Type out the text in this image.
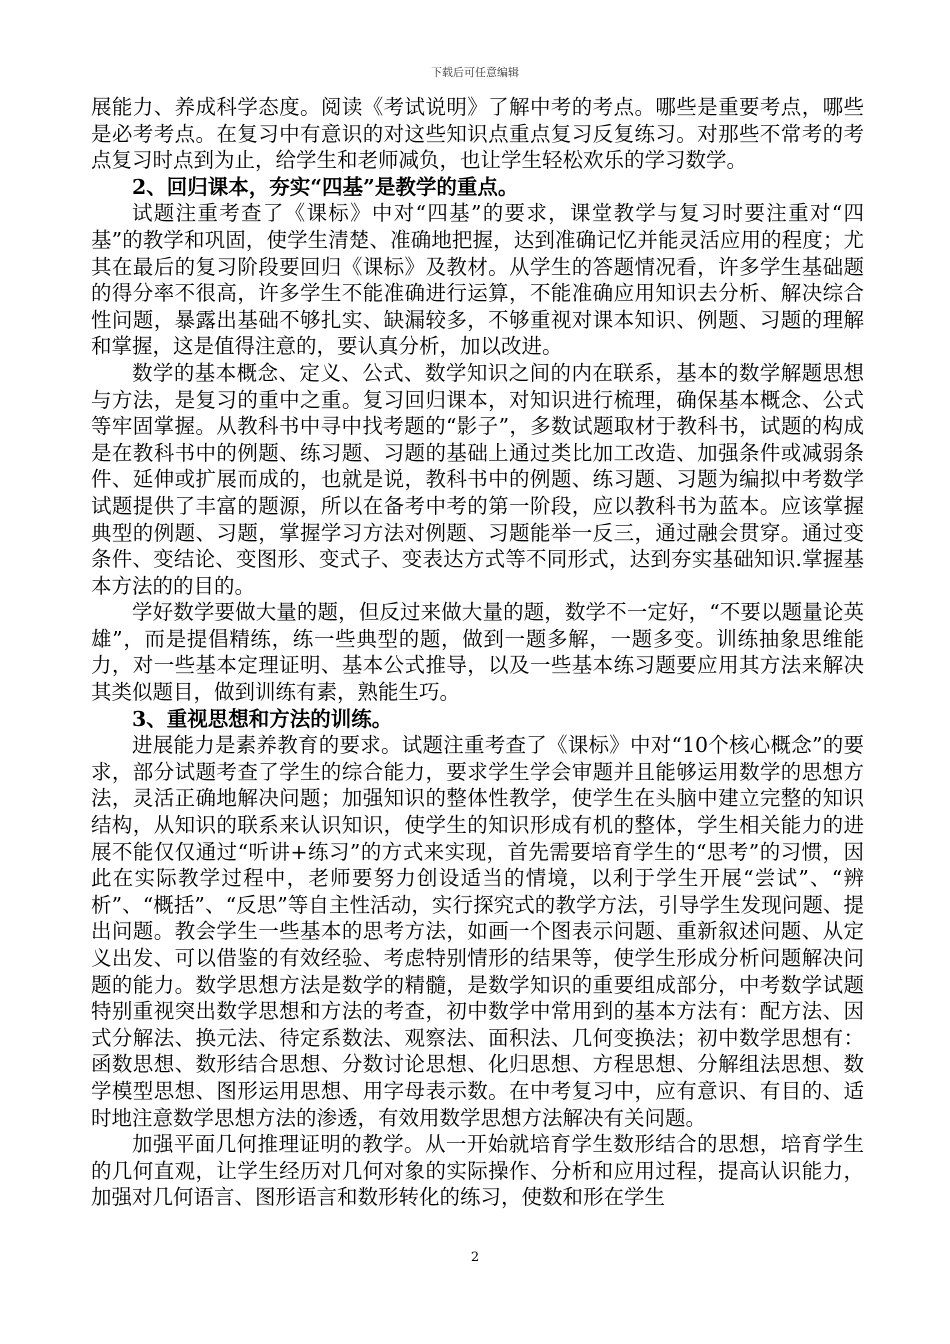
下载后可任意编辑

展能力、养成科学态度。阅读《考试说明》了解中考的考点。哪些是重要考点，哪些是必考考点。在复习中有意识的对这些知识点重点复习反复练习。对那些不常考的考点复习时点到为止，给学生和老师减负，也让学生轻松欢乐的学习数学。

2、回归课本，夯实“四基”是教学的重点。

试题注重考查了《课标》中对“四基”的要求，课堂教学与复习时要注重对“四基”的教学和巩固，使学生清楚、准确地把握，达到准确记忆并能灵活应用的程度；尤其在最后的复习阶段要回归《课标》及教材。从学生的答题情况看，许多学生基础题的得分率不很高，许多学生不能准确进行运算，不能准确应用知识去分析、解决综合性问题，暴露出基础不够扎实、缺漏较多，不够重视对课本知识、例题、习题的理解和掌握，这是值得注意的，要认真分析，加以改进。

数学的基本概念、定义、公式、数学知识之间的内在联系，基本的数学解题思想与方法，是复习的重中之重。复习回归课本，对知识进行梳理，确保基本概念、公式等牢固掌握。从教科书中寻中找考题的“影子”，多数试题取材于教科书，试题的构成是在教科书中的例题、练习题、习题的基础上通过类比加工改造、加强条件或减弱条件、延伸或扩展而成的，也就是说，教科书中的例题、练习题、习题为编拟中考数学试题提供了丰富的题源，所以在备考中考的第一阶段，应以教科书为蓝本。应该掌握典型的例题、习题，掌握学习方法对例题、习题能举一反三，通过融会贯穿。通过变条件、变结论、变图形、变式子、变表达方式等不同形式，达到夯实基础知识.掌握基本方法的的目的。

学好数学要做大量的题，但反过来做大量的题，数学不一定好，“不要以题量论英雄”，而是提倡精练，练一些典型的题，做到一题多解，一题多变。训练抽象思维能力，对一些基本定理证明、基本公式推导，以及一些基本练习题要应用其方法来解决其类似题目，做到训练有素，熟能生巧。

3、重视思想和方法的训练。

进展能力是素养教育的要求。试题注重考查了《课标》中对“10个核心概念”的要求，部分试题考查了学生的综合能力，要求学生学会审题并且能够运用数学的思想方法，灵活正确地解决问题；加强知识的整体性教学，使学生在头脑中建立完整的知识结构，从知识的联系来认识知识，使学生的知识形成有机的整体，学生相关能力的进展不能仅仅通过“听讲+练习”的方式来实现，首先需要培育学生的“思考”的习惯，因此在实际教学过程中，老师要努力创设适当的情境，以利于学生开展“尝试”、“辨析”、“概括”、“反思”等自主性活动，实行探究式的教学方法，引导学生发现问题、提出问题。教会学生一些基本的思考方法，如画一个图表示问题、重新叙述问题、从定义出发、可以借鉴的有效经验、考虑特别情形的结果等，使学生形成分析问题解决问题的能力。数学思想方法是数学的精髓，是数学知识的重要组成部分，中考数学试题特别重视突出数学思想和方法的考查，初中数学中常用到的基本方法有：配方法、因式分解法、换元法、待定系数法、观察法、面积法、几何变换法；初中数学思想有：函数思想、数形结合思想、分数讨论思想、化归思想、方程思想、分解组法思想、数学模型思想、图形运用思想、用字母表示数。在中考复习中，应有意识、有目的、适时地注意数学思想方法的渗透，有效用数学思想方法解决有关问题。

加强平面几何推理证明的教学。从一开始就培育学生数形结合的思想，培育学生的几何直观，让学生经历对几何对象的实际操作、分析和应用过程，提高认识能力，加强对几何语言、图形语言和数形转化的练习，使数和形在学生

2
